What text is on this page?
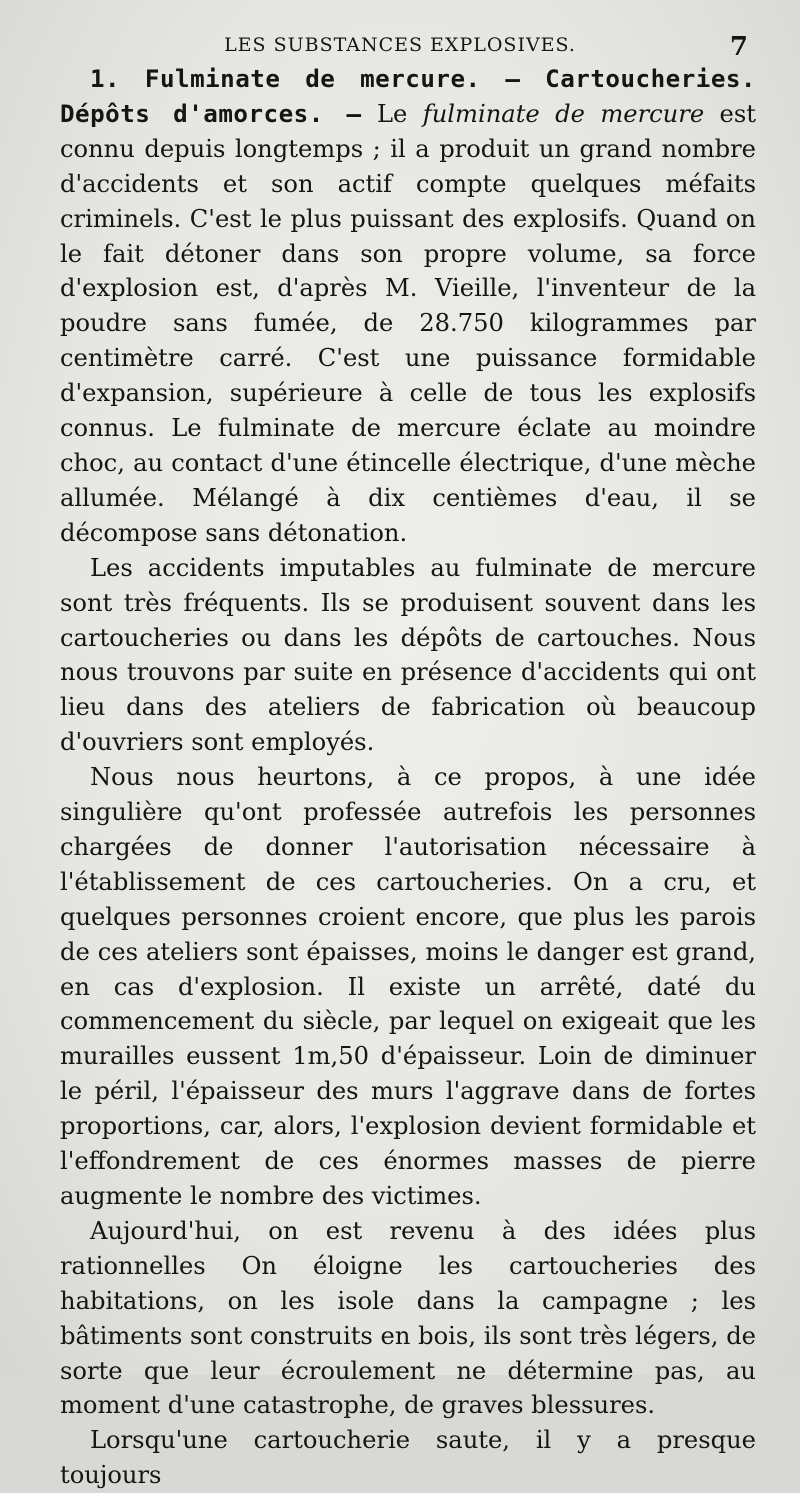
LES SUBSTANCES EXPLOSIVES.	7

1. Fulminate de mercure. — Cartoucheries. Dépôts d'amorces. — Le fulminate de mercure est connu depuis longtemps ; il a produit un grand nombre d'accidents et son actif compte quelques méfaits criminels. C'est le plus puissant des explosifs. Quand on le fait détoner dans son propre volume, sa force d'explosion est, d'après M. Vieille, l'inventeur de la poudre sans fumée, de 28.750 kilogrammes par centimètre carré. C'est une puissance formidable d'expansion, supérieure à celle de tous les explosifs connus. Le fulminate de mercure éclate au moindre choc, au contact d'une étincelle électrique, d'une mèche allumée. Mélangé à dix centièmes d'eau, il se décompose sans détonation.

Les accidents imputables au fulminate de mercure sont très fréquents. Ils se produisent souvent dans les cartoucheries ou dans les dépôts de cartouches. Nous nous trouvons par suite en présence d'accidents qui ont lieu dans des ateliers de fabrication où beaucoup d'ouvriers sont employés.

Nous nous heurtons, à ce propos, à une idée singulière qu'ont professée autrefois les personnes chargées de donner l'autorisation nécessaire à l'établissement de ces cartoucheries. On a cru, et quelques personnes croient encore, que plus les parois de ces ateliers sont épaisses, moins le danger est grand, en cas d'explosion. Il existe un arrêté, daté du commencement du siècle, par lequel on exigeait que les murailles eussent 1m,50 d'épaisseur. Loin de diminuer le péril, l'épaisseur des murs l'aggrave dans de fortes proportions, car, alors, l'explosion devient formidable et l'effondrement de ces énormes masses de pierre augmente le nombre des victimes.

Aujourd'hui, on est revenu à des idées plus rationnelles On éloigne les cartoucheries des habitations, on les isole dans la campagne ; les bâtiments sont construits en bois, ils sont très légers, de sorte que leur écroulement ne détermine pas, au moment d'une catastrophe, de graves blessures.

Lorsqu'une cartoucherie saute, il y a presque toujours
